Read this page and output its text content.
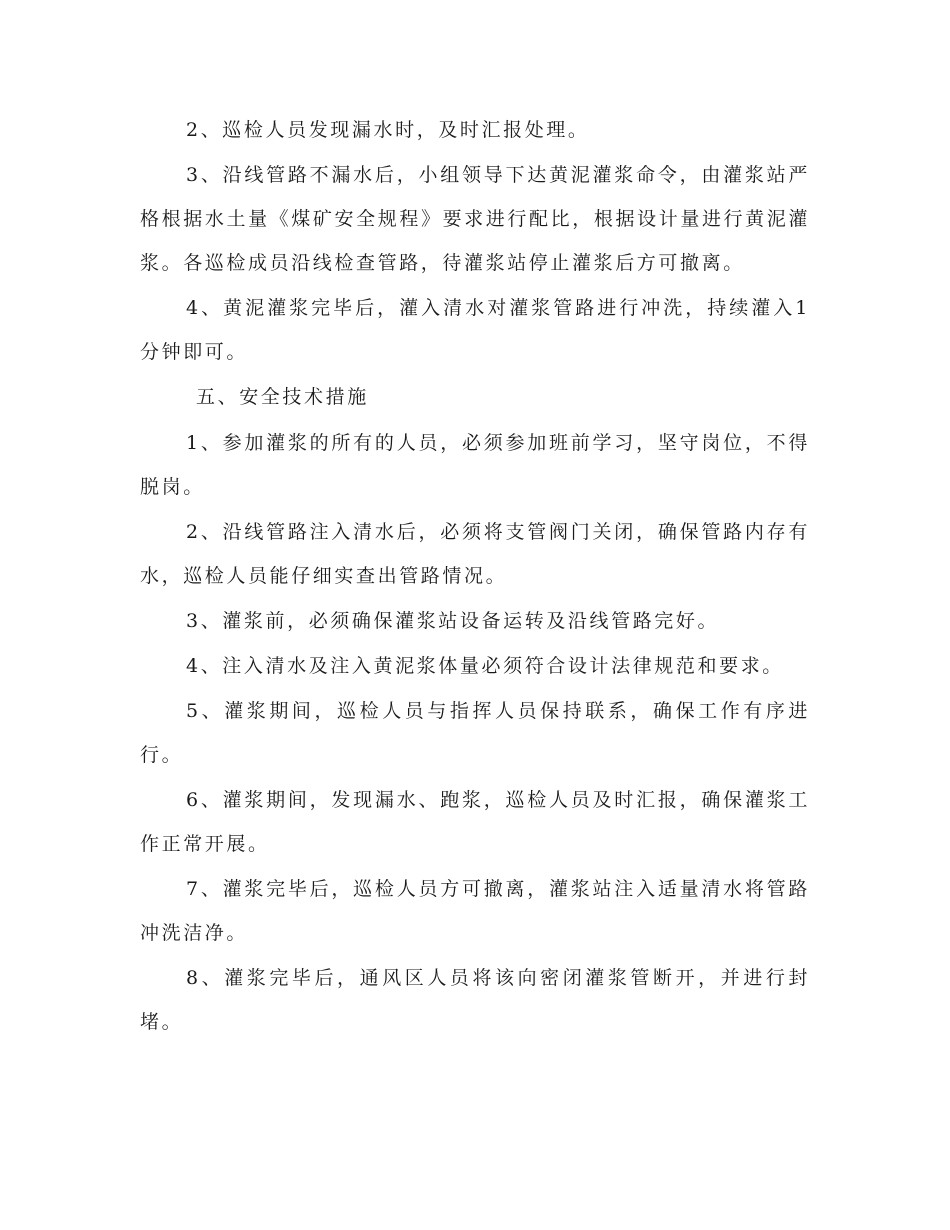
2、巡检人员发现漏水时，及时汇报处理。

3、沿线管路不漏水后，小组领导下达黄泥灌浆命令，由灌浆站严格根据水土量《煤矿安全规程》要求进行配比，根据设计量进行黄泥灌浆。各巡检成员沿线检查管路，待灌浆站停止灌浆后方可撤离。

4、黄泥灌浆完毕后，灌入清水对灌浆管路进行冲洗，持续灌入1分钟即可。

五、安全技术措施

1、参加灌浆的所有的人员，必须参加班前学习，坚守岗位，不得脱岗。

2、沿线管路注入清水后，必须将支管阀门关闭，确保管路内存有水，巡检人员能仔细实查出管路情况。

3、灌浆前，必须确保灌浆站设备运转及沿线管路完好。

4、注入清水及注入黄泥浆体量必须符合设计法律规范和要求。

5、灌浆期间，巡检人员与指挥人员保持联系，确保工作有序进行。

6、灌浆期间，发现漏水、跑浆，巡检人员及时汇报，确保灌浆工作正常开展。

7、灌浆完毕后，巡检人员方可撤离，灌浆站注入适量清水将管路冲洗洁净。

8、灌浆完毕后，通风区人员将该向密闭灌浆管断开，并进行封堵。
